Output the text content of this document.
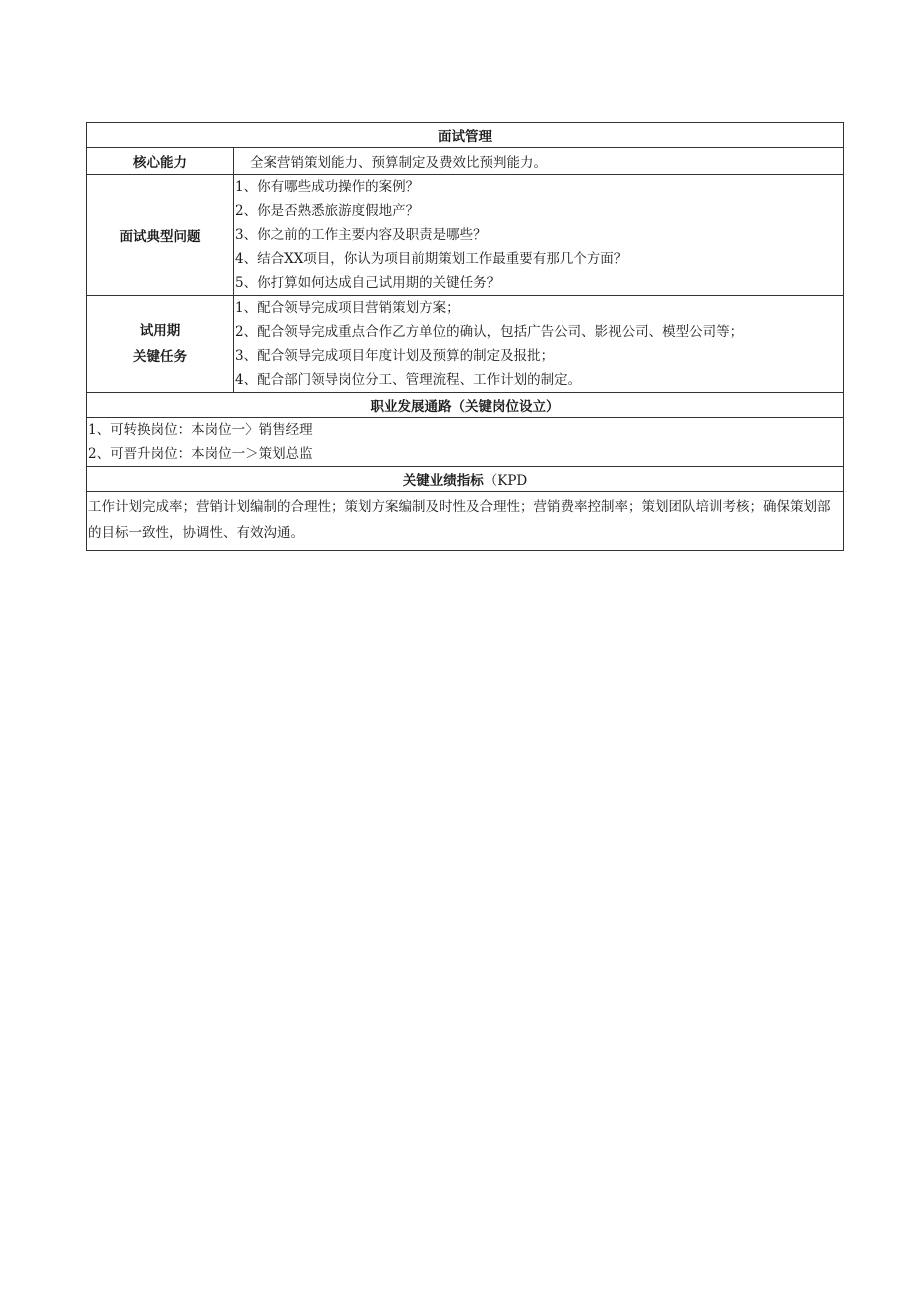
面试管理	
核心能力	全案营销策划能力、预算制定及费效比预判能力。
面试典型问题	1、你有哪些成功操作的案例？
2、你是否熟悉旅游度假地产？
3、你之前的工作主要内容及职责是哪些？
4、结合XX项目，你认为项目前期策划工作最重要有那几个方面？
5、你打算如何达成自己试用期的关键任务？

试用期
关键任务	1、配合领导完成项目营销策划方案；
2、配合领导完成重点合作乙方单位的确认，包括广告公司、影视公司、模型公司等；
3、配合领导完成项目年度计划及预算的制定及报批；
4、配合部门领导岗位分工、管理流程、工作计划的制定。

职业发展通路（关键岗位设立）	

1、可转换岗位：本岗位一〉销售经理
2、可晋升岗位：本岗位一＞策划总监	

关键业绩指标（KPD	
工作计划完成率；营销计划编制的合理性；策划方案编制及时性及合理性；营销费率控制率；策划团队培训考核；确保策划部的目标一致性，协调性、有效沟通。	
